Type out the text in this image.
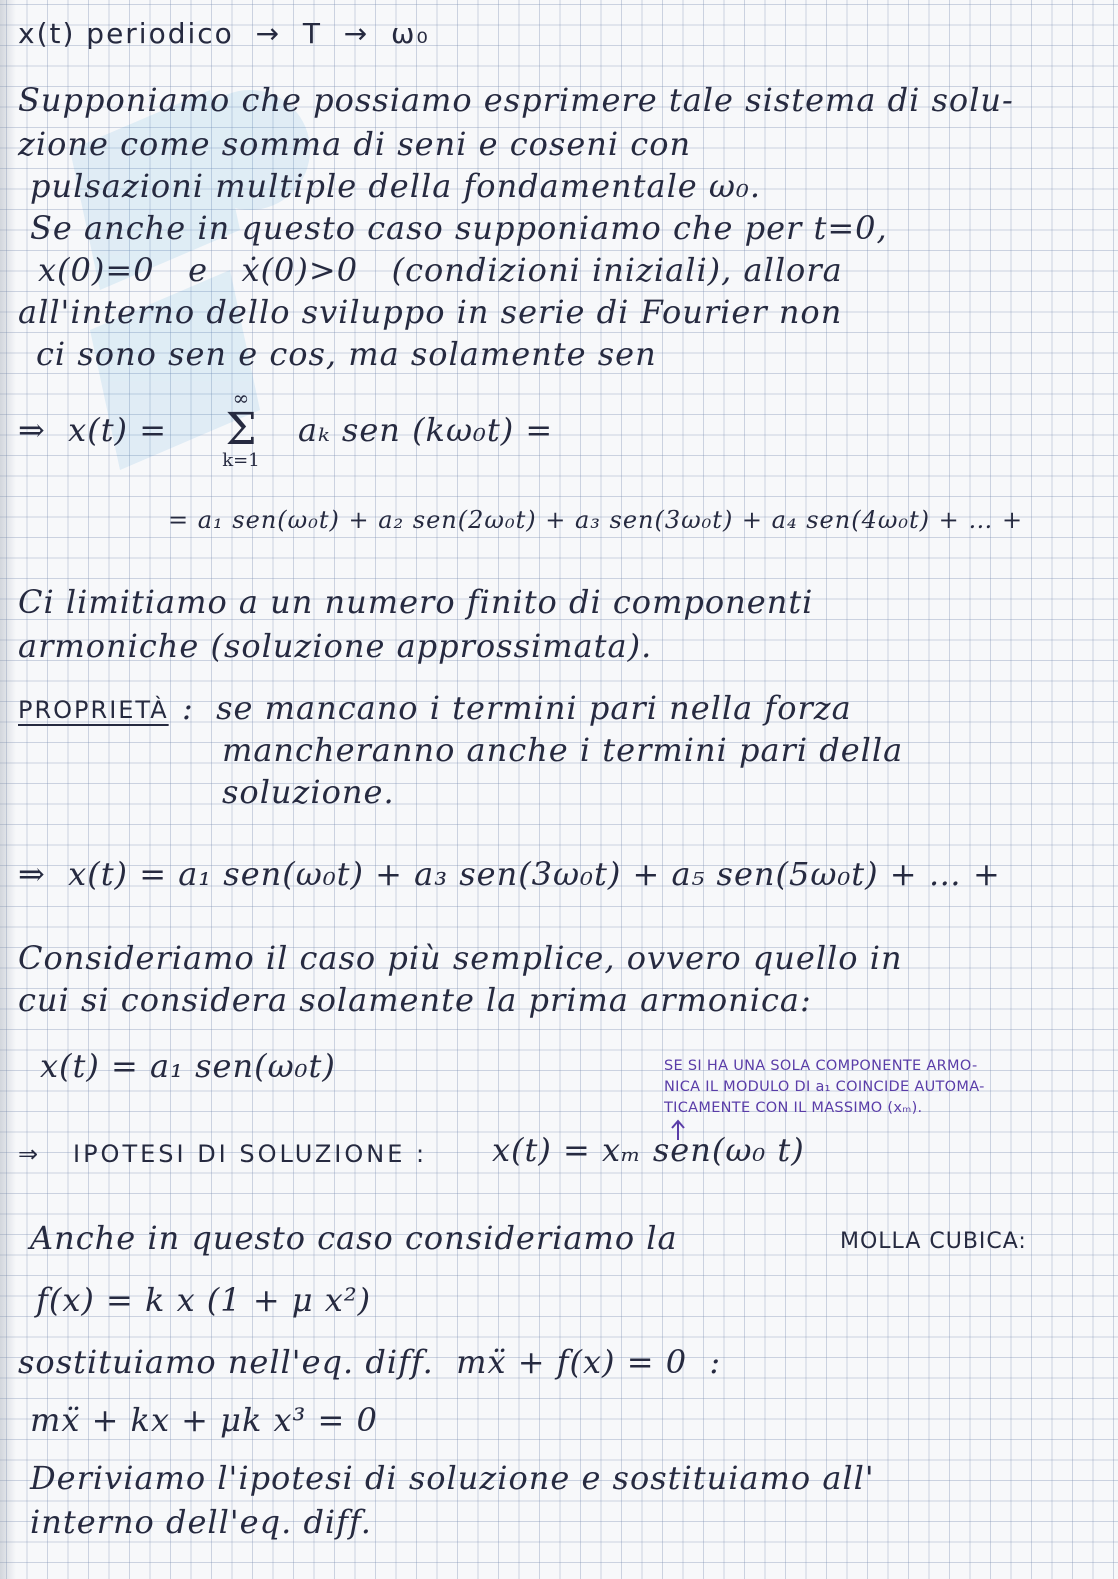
x(t) periodico  →  T  →  ω₀
Supponiamo che possiamo esprimere tale sistema di solu-
zione come somma di seni e coseni con
pulsazioni multiple della fondamentale ω₀.
Se anche in questo caso supponiamo che per t=0,
x(0)=0   e   ẋ(0)>0   (condizioni iniziali), allora
all'interno dello sviluppo in serie di Fourier non
ci sono sen e cos, ma solamente sen
⇒  x(t) =
∞
Σ
k=1
aₖ sen (kω₀t) =
= a₁ sen(ω₀t) + a₂ sen(2ω₀t) + a₃ sen(3ω₀t) + a₄ sen(4ω₀t) + … +
Ci limitiamo a un numero finito di componenti
armoniche (soluzione approssimata).
PROPRIETÀ :  se mancano i termini pari nella forza
mancheranno anche i termini pari della
soluzione.
⇒  x(t) = a₁ sen(ω₀t) + a₃ sen(3ω₀t) + a₅ sen(5ω₀t) + … +
Consideriamo il caso più semplice, ovvero quello in
cui si considera solamente la prima armonica:
x(t) = a₁ sen(ω₀t)	SE SI HA UNA SOLA COMPONENTE ARMO-
NICA IL MODULO DI a₁ COINCIDE AUTOMA-
TICAMENTE CON IL MASSIMO (xₘ).
⇒   IPOTESI DI SOLUZIONE : x(t) = xₘ sen(ω₀ t)
Anche in questo caso consideriamo la	MOLLA CUBICA:
f(x) = k x (1 + μ x²)
sostituiamo nell'eq. diff.  mẍ + f(x) = 0  :
mẍ + kx + μk x³ = 0
Deriviamo l'ipotesi di soluzione e sostituiamo all'
interno dell'eq. diff.
